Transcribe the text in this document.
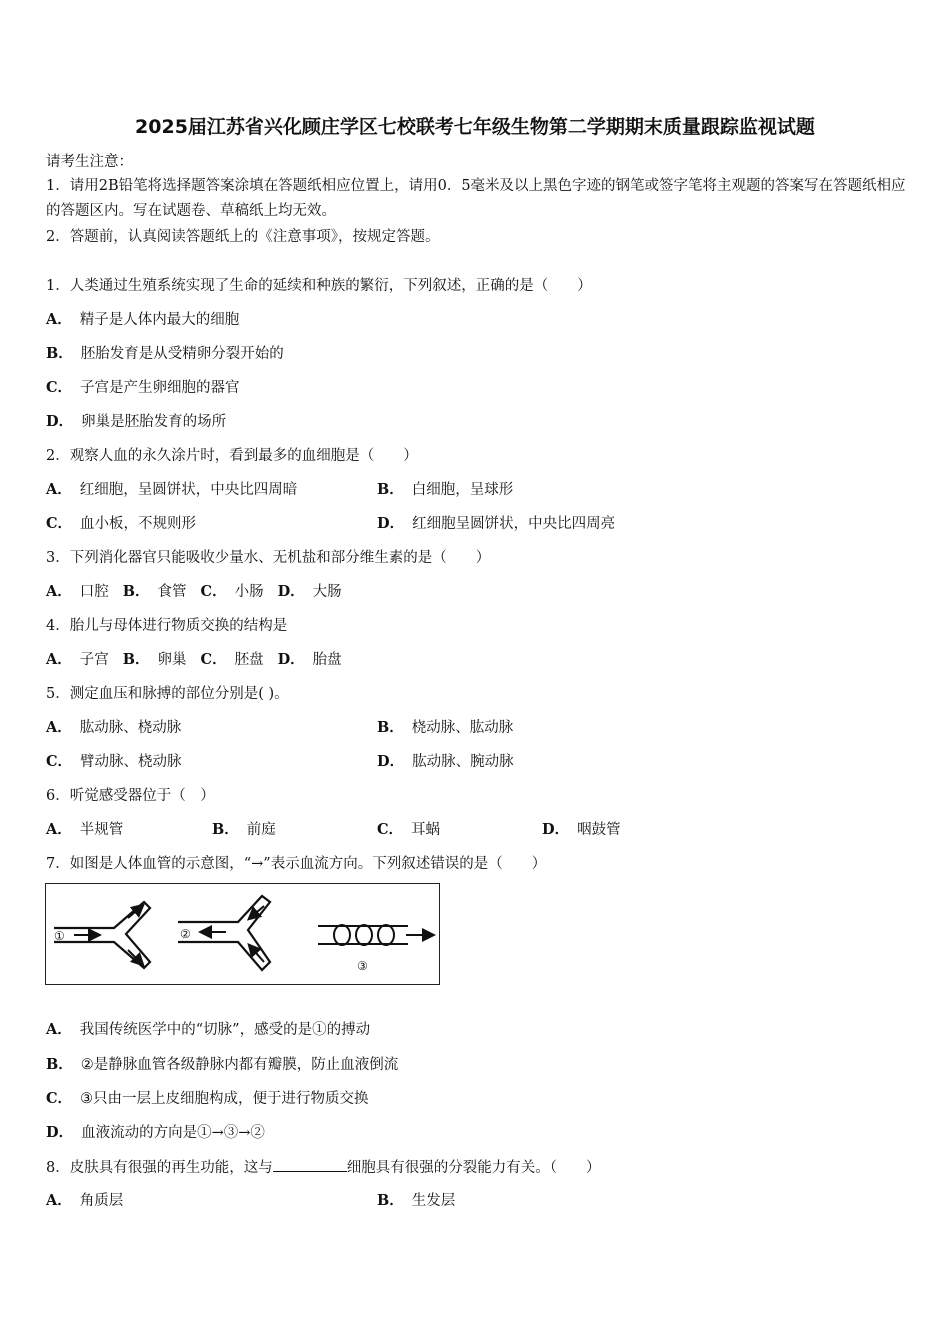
2025届江苏省兴化顾庄学区七校联考七年级生物第二学期期末质量跟踪监视试题
请考生注意：
1．请用2B铅笔将选择题答案涂填在答题纸相应位置上，请用0．5毫米及以上黑色字迹的钢笔或签字笔将主观题的答案写在答题纸相应的答题区内。写在试题卷、草稿纸上均无效。
2．答题前，认真阅读答题纸上的《注意事项》，按规定答题。
1．人类通过生殖系统实现了生命的延续和种族的繁衍，下列叙述，正确的是（　　）
A． 精子是人体内最大的细胞
B． 胚胎发育是从受精卵分裂开始的
C． 子宫是产生卵细胞的器官
D． 卵巢是胚胎发育的场所
2．观察人血的永久涂片时，看到最多的血细胞是（　　）
A． 红细胞，呈圆饼状，中央比四周暗	B． 白细胞，呈球形
C． 血小板，不规则形	D． 红细胞呈圆饼状，中央比四周亮
3．下列消化器官只能吸收少量水、无机盐和部分维生素的是（　　）
A． 口腔 B． 食管 C． 小肠 D． 大肠
4．胎儿与母体进行物质交换的结构是
A． 子宫 B． 卵巢 C． 胚盘 D． 胎盘
5．测定血压和脉搏的部位分别是( )。
A． 肱动脉、桡动脉	B． 桡动脉、肱动脉
C． 臂动脉、桡动脉	D． 肱动脉、腕动脉
6．听觉感受器位于（　）
A． 半规管	B． 前庭	C． 耳蜗	D． 咽鼓管
7．如图是人体血管的示意图，“→”表示血流方向。下列叙述错误的是（　　）
①	②
③
A． 我国传统医学中的“切脉”，感受的是①的搏动
B． ②是静脉血管各级静脉内都有瓣膜，防止血液倒流
C． ③只由一层上皮细胞构成，便于进行物质交换
D． 血液流动的方向是①→③→②
8．皮肤具有很强的再生功能，这与	细胞具有很强的分裂能力有关。（　　）
A． 角质层	B． 生发层
